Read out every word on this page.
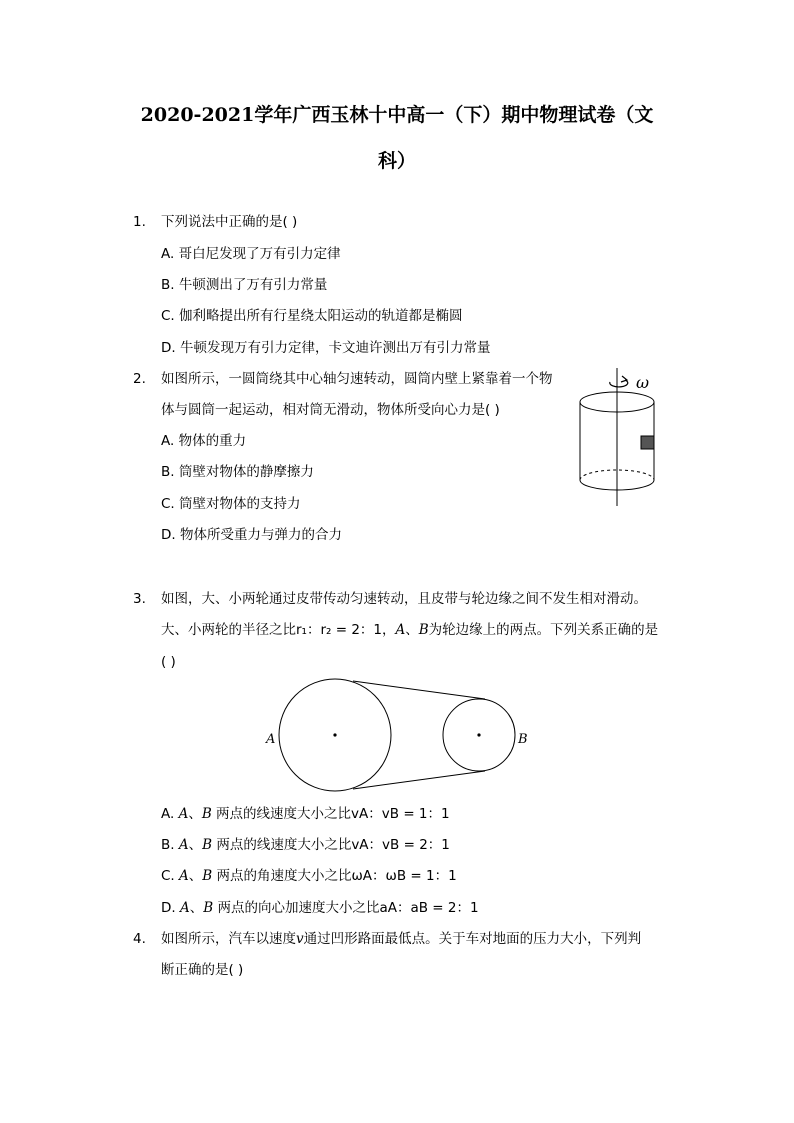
2020-2021学年广西玉林十中高一（下）期中物理试卷（文
科）
1. 下列说法中正确的是( )
A. 哥白尼发现了万有引力定律
B. 牛顿测出了万有引力常量
C. 伽利略提出所有行星绕太阳运动的轨道都是椭圆
D. 牛顿发现万有引力定律，卡文迪许测出万有引力常量
2. 如图所示，一圆筒绕其中心轴匀速转动，圆筒内壁上紧靠着一个物
体与圆筒一起运动，相对筒无滑动，物体所受向心力是( )
A. 物体的重力
B. 筒壁对物体的静摩擦力
C. 筒壁对物体的支持力
D. 物体所受重力与弹力的合力
ω
3. 如图，大、小两轮通过皮带传动匀速转动，且皮带与轮边缘之间不发生相对滑动。
大、小两轮的半径之比r₁：r₂ = 2：1，A、B为轮边缘上的两点。下列关系正确的是
( )
A	B
A. A、B 两点的线速度大小之比vA：vB = 1：1
B. A、B 两点的线速度大小之比vA：vB = 2：1
C. A、B 两点的角速度大小之比ωA：ωB = 1：1
D. A、B 两点的向心加速度大小之比aA：aB = 2：1
4. 如图所示，汽车以速度v通过凹形路面最低点。关于车对地面的压力大小，下列判
断正确的是( )
